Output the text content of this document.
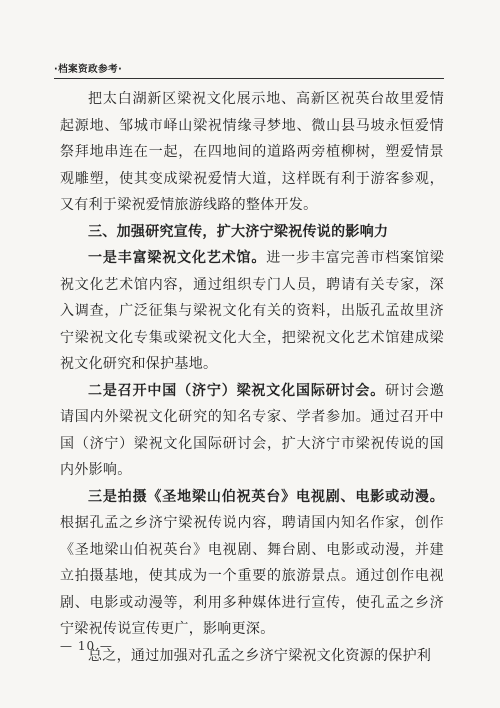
·档案资政参考·

把太白湖新区梁祝文化展示地、高新区祝英台故里爱情起源地、邹城市峄山梁祝情缘寻梦地、微山县马坡永恒爱情祭拜地串连在一起，在四地间的道路两旁植柳树，塑爱情景观雕塑，使其变成梁祝爱情大道，这样既有利于游客参观，又有利于梁祝爱情旅游线路的整体开发。

三、加强研究宣传，扩大济宁梁祝传说的影响力

一是丰富梁祝文化艺术馆。进一步丰富完善市档案馆梁祝文化艺术馆内容，通过组织专门人员，聘请有关专家，深入调查，广泛征集与梁祝文化有关的资料，出版孔孟故里济宁梁祝文化专集或梁祝文化大全，把梁祝文化艺术馆建成梁祝文化研究和保护基地。

二是召开中国（济宁）梁祝文化国际研讨会。研讨会邀请国内外梁祝文化研究的知名专家、学者参加。通过召开中国（济宁）梁祝文化国际研讨会，扩大济宁市梁祝传说的国内外影响。

三是拍摄《圣地梁山伯祝英台》电视剧、电影或动漫。根据孔孟之乡济宁梁祝传说内容，聘请国内知名作家，创作《圣地梁山伯祝英台》电视剧、舞台剧、电影或动漫，并建立拍摄基地，使其成为一个重要的旅游景点。通过创作电视剧、电影或动漫等，利用多种媒体进行宣传，使孔孟之乡济宁梁祝传说宣传更广，影响更深。

总之，通过加强对孔孟之乡济宁梁祝文化资源的保护利

— 10 —
